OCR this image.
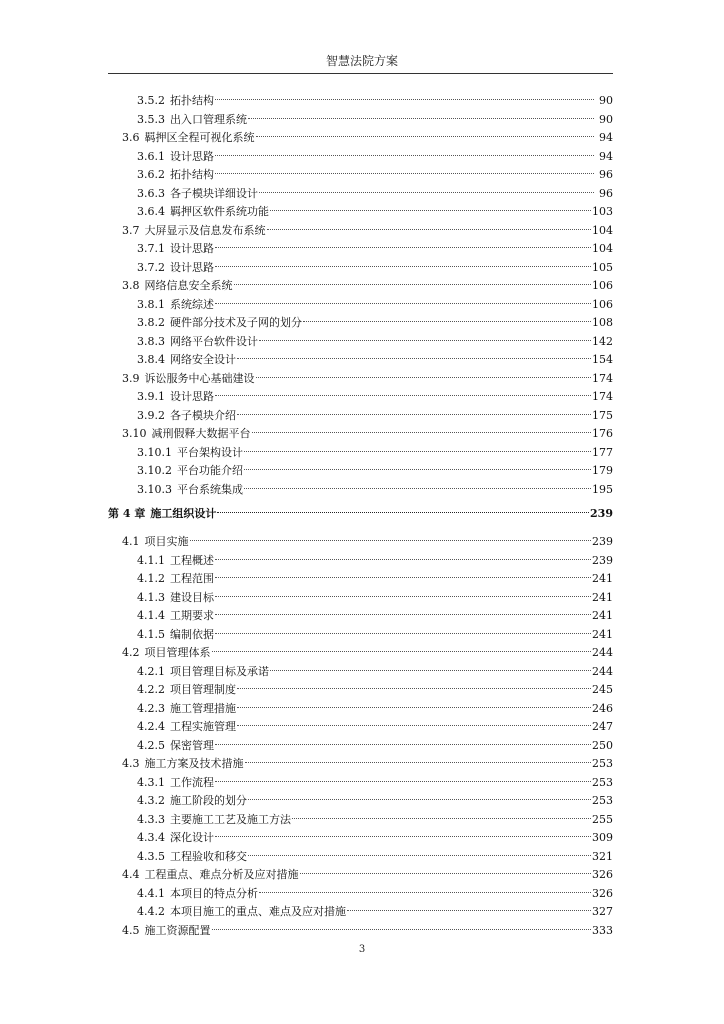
智慧法院方案
3.5.2 拓扑结构	90
3.5.3 出入口管理系统	90
3.6 羁押区全程可视化系统	94
3.6.1 设计思路	94
3.6.2 拓扑结构	96
3.6.3 各子模块详细设计	96
3.6.4 羁押区软件系统功能	103
3.7 大屏显示及信息发布系统	104
3.7.1 设计思路	104
3.7.2 设计思路	105
3.8 网络信息安全系统	106
3.8.1 系统综述	106
3.8.2 硬件部分技术及子网的划分	108
3.8.3 网络平台软件设计	142
3.8.4 网络安全设计	154
3.9 诉讼服务中心基础建设	174
3.9.1 设计思路	174
3.9.2 各子模块介绍	175
3.10 减刑假释大数据平台	176
3.10.1 平台架构设计	177
3.10.2 平台功能介绍	179
3.10.3 平台系统集成	195
第 4 章 施工组织设计	239
4.1 项目实施	239
4.1.1 工程概述	239
4.1.2 工程范围	241
4.1.3 建设目标	241
4.1.4 工期要求	241
4.1.5 编制依据	241
4.2 项目管理体系	244
4.2.1 项目管理目标及承诺	244
4.2.2 项目管理制度	245
4.2.3 施工管理措施	246
4.2.4 工程实施管理	247
4.2.5 保密管理	250
4.3 施工方案及技术措施	253
4.3.1 工作流程	253
4.3.2 施工阶段的划分	253
4.3.3 主要施工工艺及施工方法	255
4.3.4 深化设计	309
4.3.5 工程验收和移交	321
4.4 工程重点、难点分析及应对措施	326
4.4.1 本项目的特点分析	326
4.4.2 本项目施工的重点、难点及应对措施	327
4.5 施工资源配置	333
3
